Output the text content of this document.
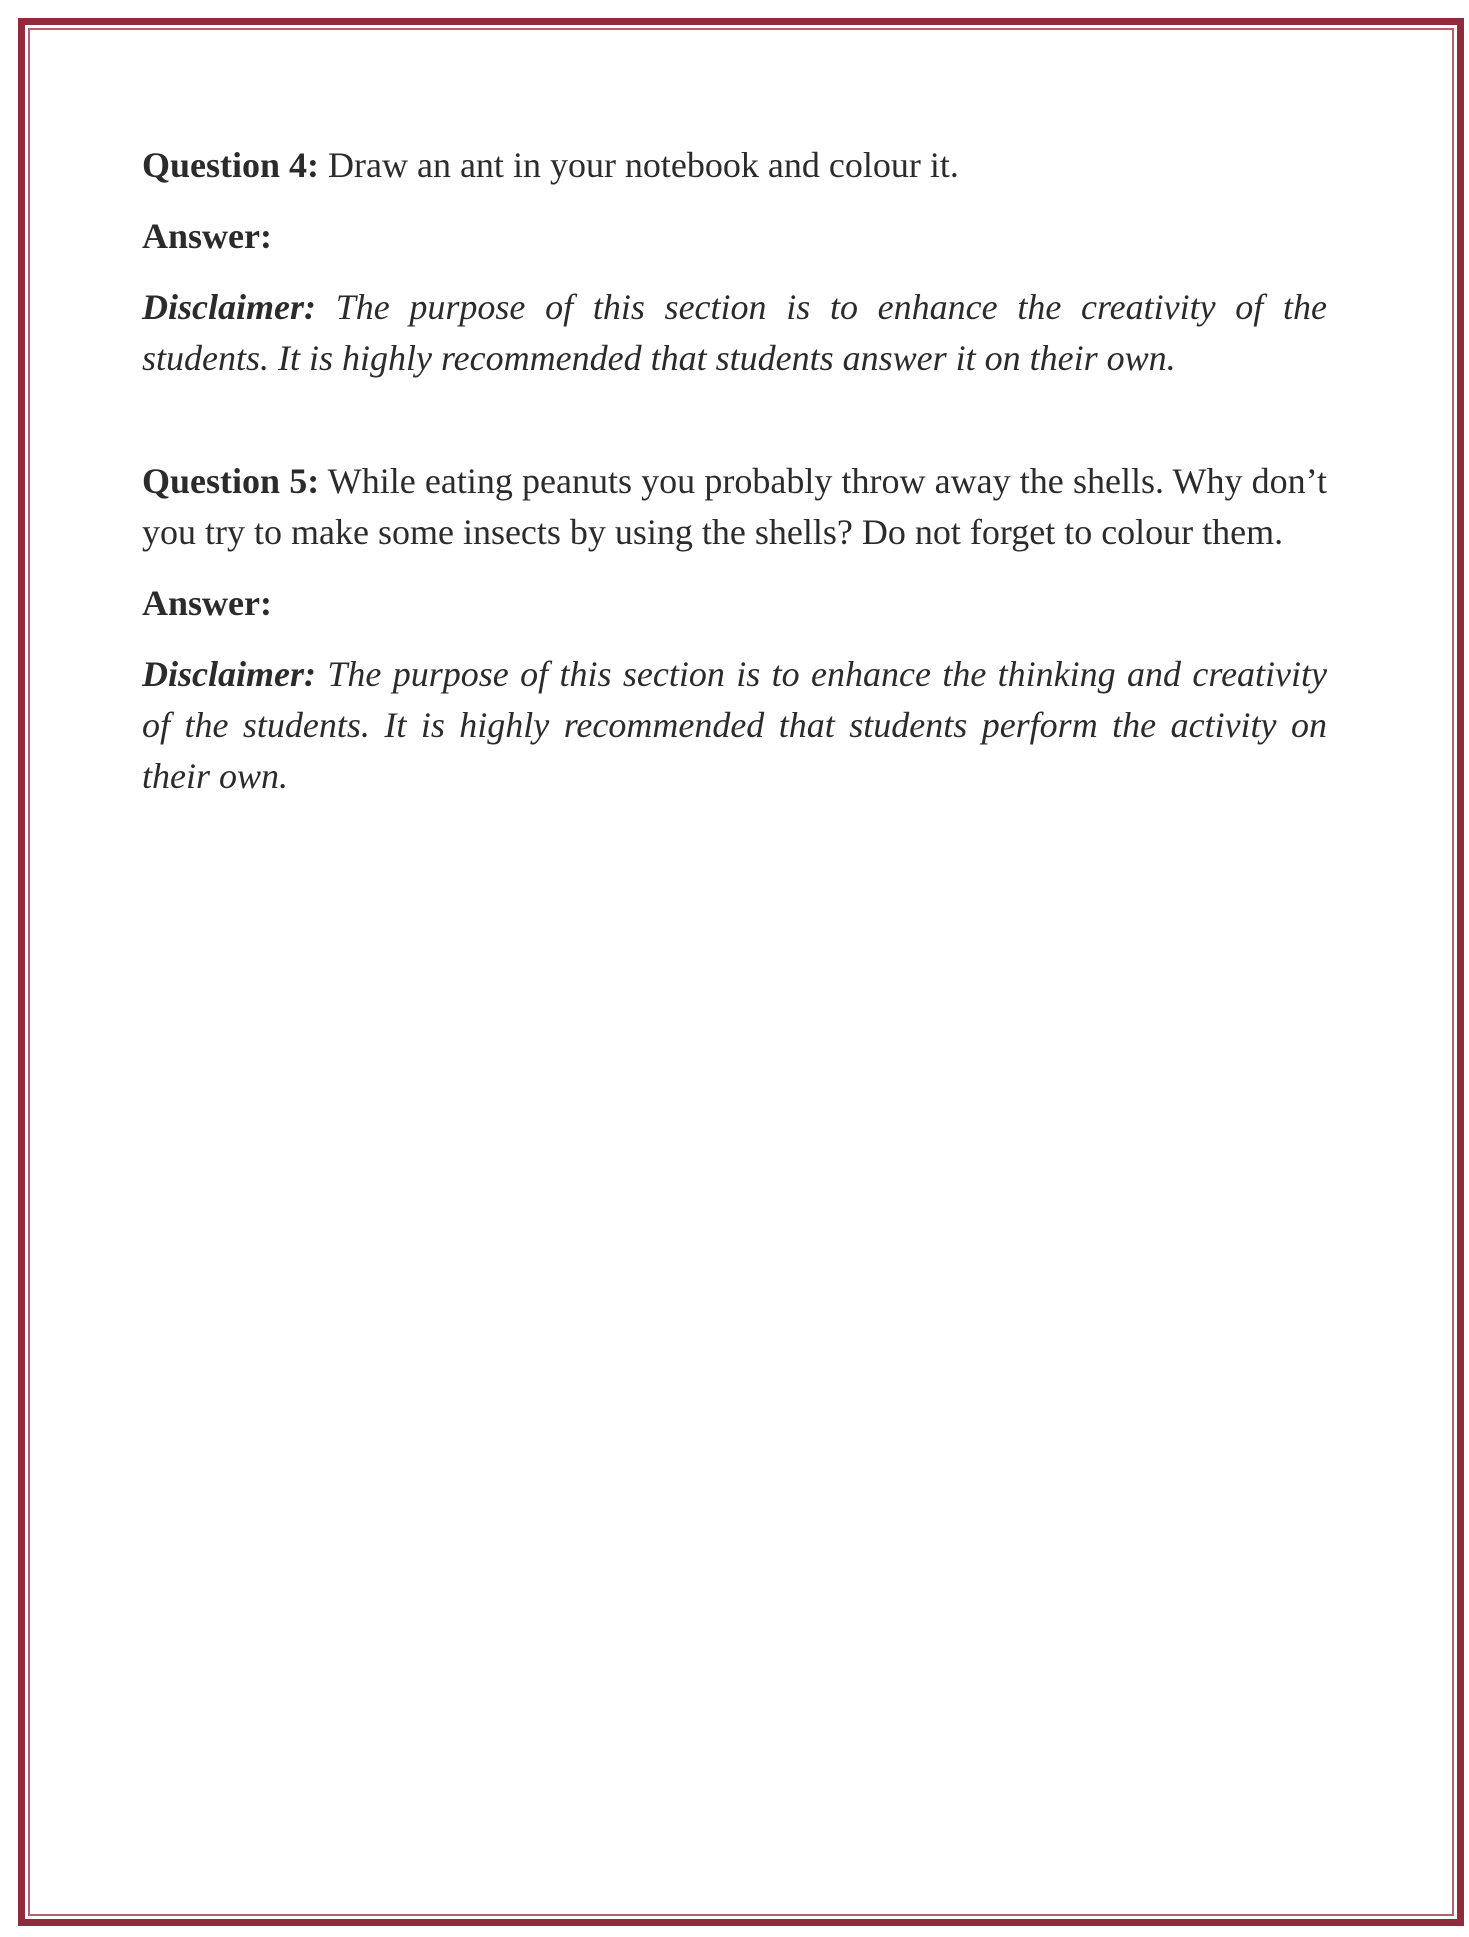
Question 4: Draw an ant in your notebook and colour it.

Answer:

Disclaimer: The purpose of this section is to enhance the creativity of the students. It is highly recommended that students answer it on their own.

Question 5: While eating peanuts you probably throw away the shells. Why don’t you try to make some insects by using the shells? Do not forget to colour them.

Answer:

Disclaimer: The purpose of this section is to enhance the thinking and creativity of the students. It is highly recommended that students perform the activity on their own.
